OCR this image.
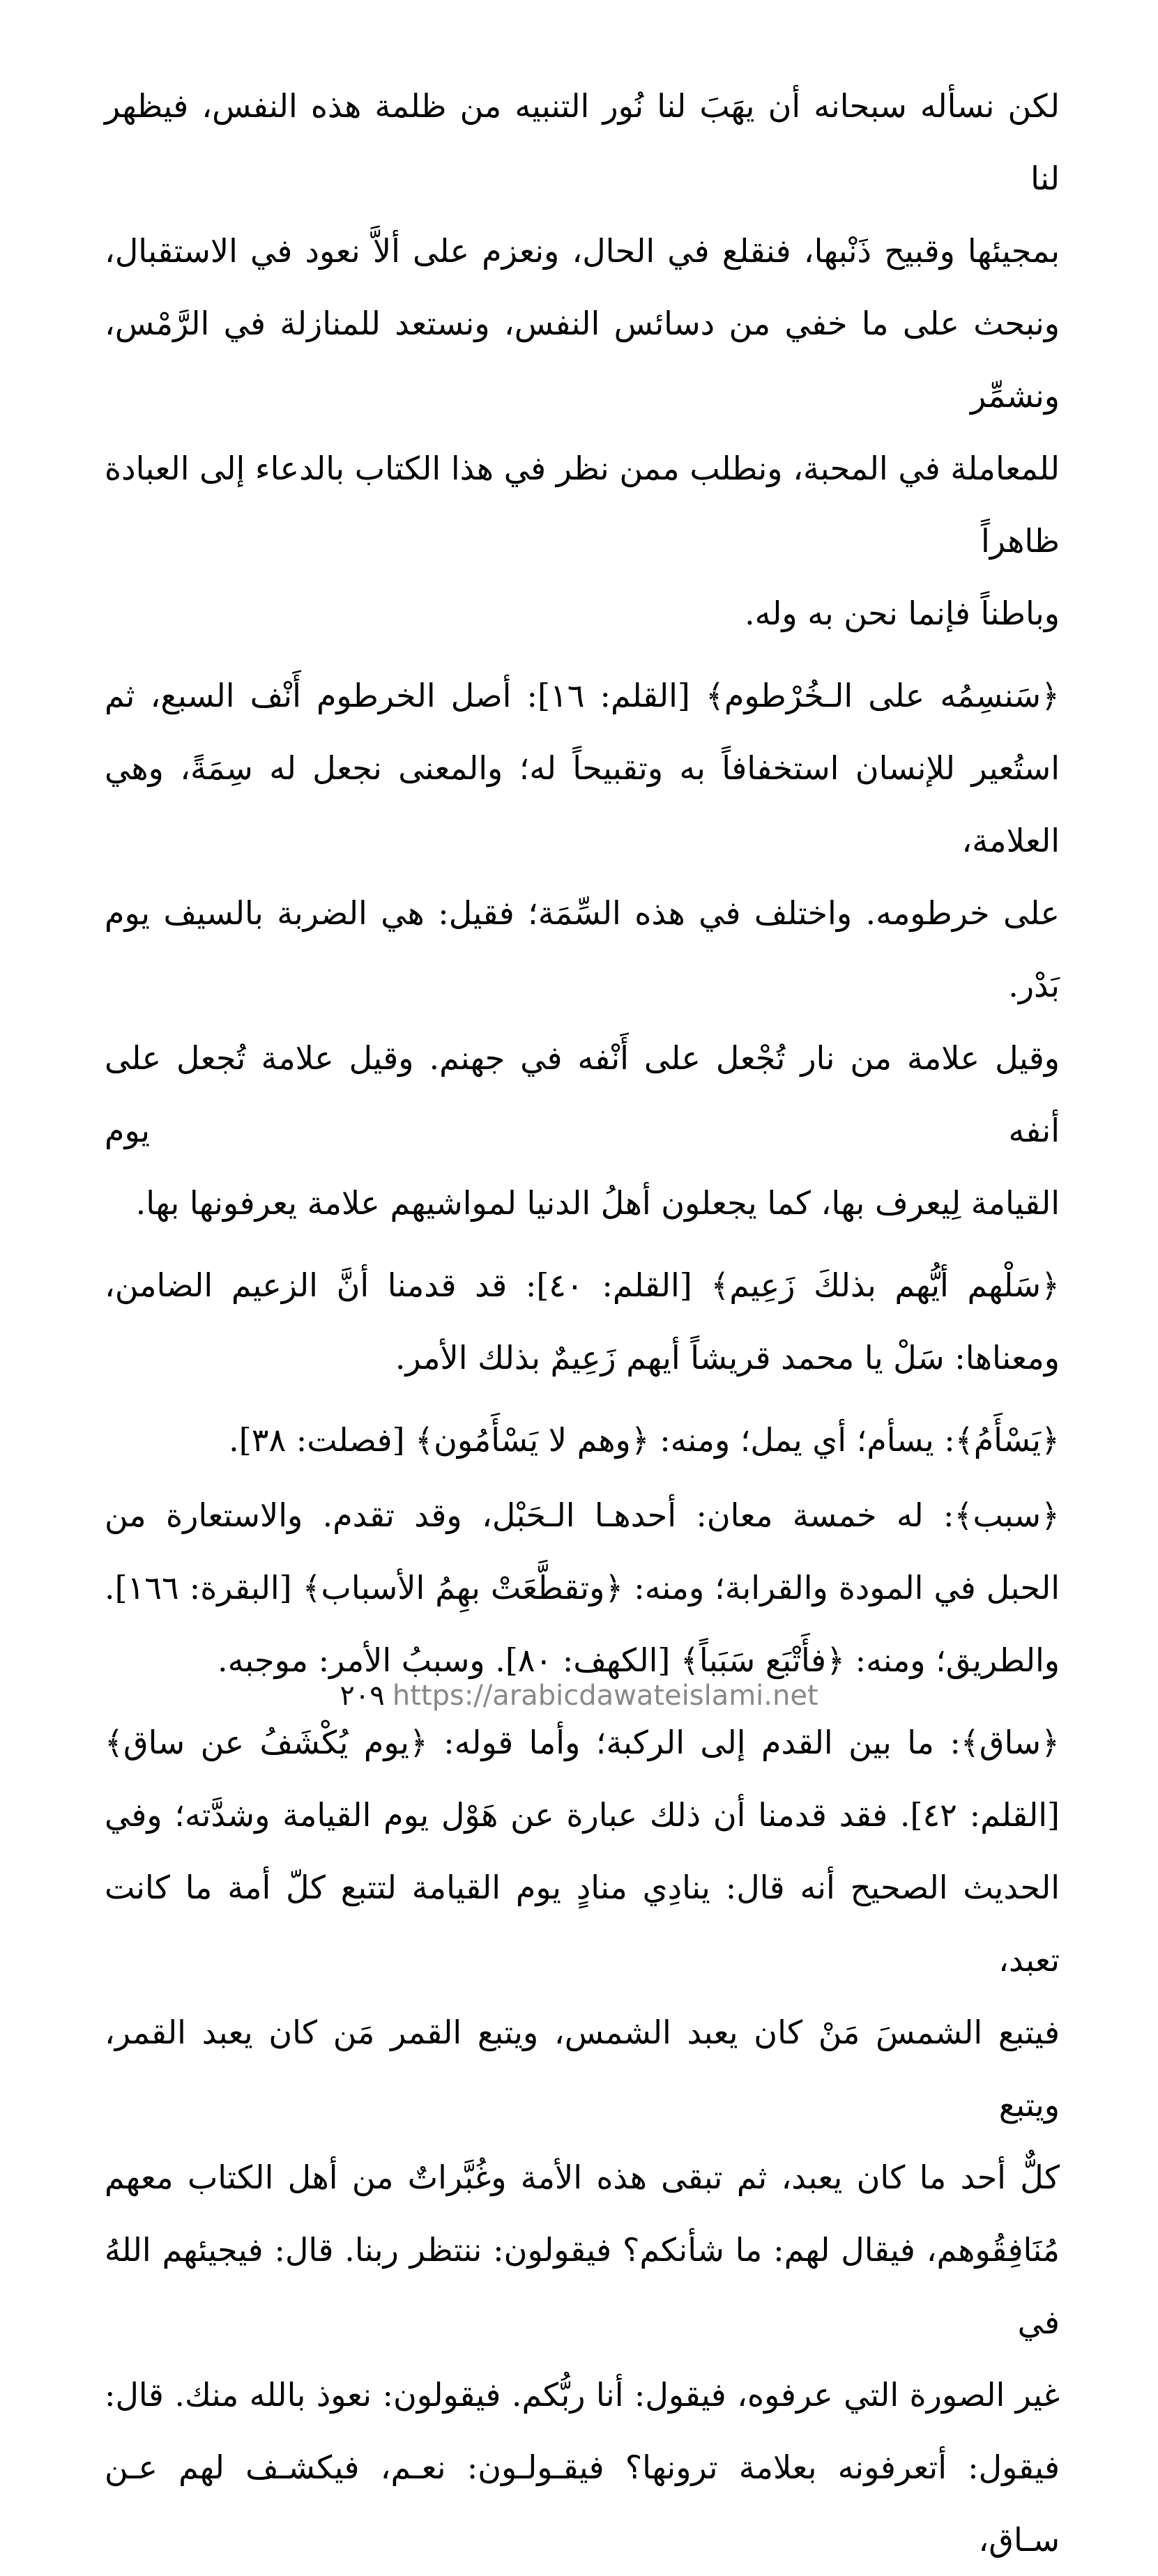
لكن نسأله سبحانه أن يهَبَ لنا نُور التنبيه من ظلمة هذه النفس، فيظهر لنا
بمجيئها وقبيح ذَنْبها، فنقلع في الحال، ونعزم على ألاَّ نعود في الاستقبال،
ونبحث على ما خفي من دسائس النفس، ونستعد للمنازلة في الرَّمْس، ونشمِّر
للمعاملة في المحبة، ونطلب ممن نظر في هذا الكتاب بالدعاء إلى العبادة ظاهراً
وباطناً فإنما نحن به وله.
﴿سَنسِمُه على الـخُرْطوم﴾ [القلم: ١٦]: أصل الخرطوم أَنْف السبع، ثم
استُعير للإنسان استخفافاً به وتقبيحاً له؛ والمعنى نجعل له سِمَةً، وهي العلامة،
على خرطومه. واختلف في هذه السِّمَة؛ فقيل: هي الضربة بالسيف يوم بَدْر.
وقيل علامة من نار تُجْعل على أَنْفه في جهنم. وقيل علامة تُجعل على أنفه يوم
القيامة لِيعرف بها، كما يجعلون أهلُ الدنيا لمواشيهم علامة يعرفونها بها.
﴿سَلْهم أيُّهم بذلكَ زَعِيم﴾ [القلم: ٤٠]: قد قدمنا أنَّ الزعيم الضامن،
ومعناها: سَلْ يا محمد قريشاً أيهم زَعِيمٌ بذلك الأمر.
﴿يَسْأَمُ﴾: يسأم؛ أي يمل؛ ومنه: ﴿وهم لا يَسْأَمُون﴾ [فصلت: ٣٨].
﴿سبب﴾: له خمسة معان: أحدهـا الـحَبْل، وقد تقدم. والاستعارة من
الحبل في المودة والقرابة؛ ومنه: ﴿وتقطَّعَتْ بهِمُ الأسباب﴾ [البقرة: ١٦٦].
والطريق؛ ومنه: ﴿فأَتْبَع سَبَباً﴾ [الكهف: ٨٠]. وسببُ الأمر: موجبه.
﴿ساق﴾: ما بين القدم إلى الركبة؛ وأما قوله: ﴿يوم يُكْشَفُ عن ساق﴾
[القلم: ٤٢]. فقد قدمنا أن ذلك عبارة عن هَوْل يوم القيامة وشدَّته؛ وفي
الحديث الصحيح أنه قال: ينادِي منادٍ يوم القيامة لتتبع كلّ أمة ما كانت تعبد،
فيتبع الشمسَ مَنْ كان يعبد الشمس، ويتبع القمر مَن كان يعبد القمر، ويتبع
كلٌّ أحد ما كان يعبد، ثم تبقى هذه الأمة وغُبَّراتٌ من أهل الكتاب معهم
مُنَافِقُوهم، فيقال لهم: ما شأنكم؟ فيقولون: ننتظر ربنا. قال: فيجيئهم اللهُ في
غير الصورة التي عرفوه، فيقول: أنا ربُّكم. فيقولون: نعوذ بالله منك. قال:
فيقول: أتعرفونه بعلامة ترونها؟ فيقـولـون: نعـم، فيكشـف لهم عـن سـاق،
٢٠٩ https://arabicdawateislami.net
